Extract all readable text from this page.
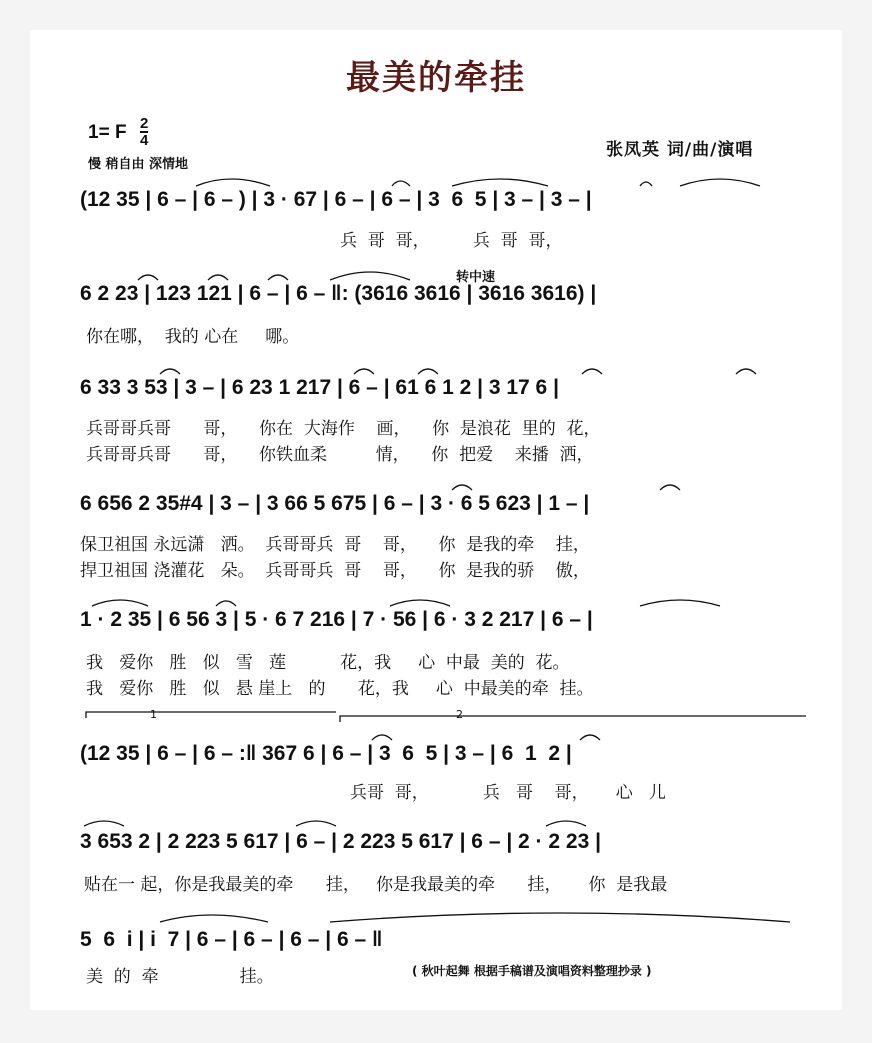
最美的牵挂
1= F 2
4
慢 稍自由 深情地
张凤英 词/曲/演唱
转中速
(12 35 | 6 – | 6 – ) | 3 · 67 | 6 – | 6 – | 3  6  5 | 3 – | 3 – |
兵  哥  哥，        兵  哥  哥，
6 2 23 | 123 121 | 6 – | 6 – ‖: (3616 3616 | 3616 3616) |
你在哪，  我的 心在     哪。
6 33 3 53 | 3 – | 6 23 1 217 | 6 – | 61 6 1 2 | 3 17 6 |
兵哥哥兵哥      哥，    你在  大海作    画，    你  是浪花  里的  花，
兵哥哥兵哥      哥，    你铁血柔         情，    你  把爱    来播  洒，
6 656 2 35#4 | 3 – | 3 66 5 675 | 6 – | 3 · 6 5 623 | 1 – |
保卫祖国 永远潇   洒。  兵哥哥兵  哥    哥，    你  是我的牵    挂，
捍卫祖国 浇灌花   朵。  兵哥哥兵  哥    哥，    你  是我的骄    傲，
1 · 2 35 | 6 56 3 | 5 · 6 7 216 | 7 · 56 | 6 · 3 2 217 | 6 – |
我   爱你   胜   似   雪   莲          花，我     心  中最  美的  花。
我   爱你   胜   似   悬 崖上   的      花，我     心  中最美的牵  挂。
1	2
(12 35 | 6 – | 6 – :‖ 367 6 | 6 – | 3  6  5 | 3 – | 6  1  2 |
兵哥  哥，          兵   哥    哥，     心   儿
3 653 2 | 2 223 5 617 | 6 – | 2 223 5 617 | 6 – | 2 · 2 23 |
贴在一 起，你是我最美的牵      挂，   你是我最美的牵      挂，     你  是我最
5  6  i | i  7 | 6 – | 6 – | 6 – | 6 – ‖
美  的  牵               挂。	( 秋叶起舞 根据手稿谱及演唱资料整理抄录 )
